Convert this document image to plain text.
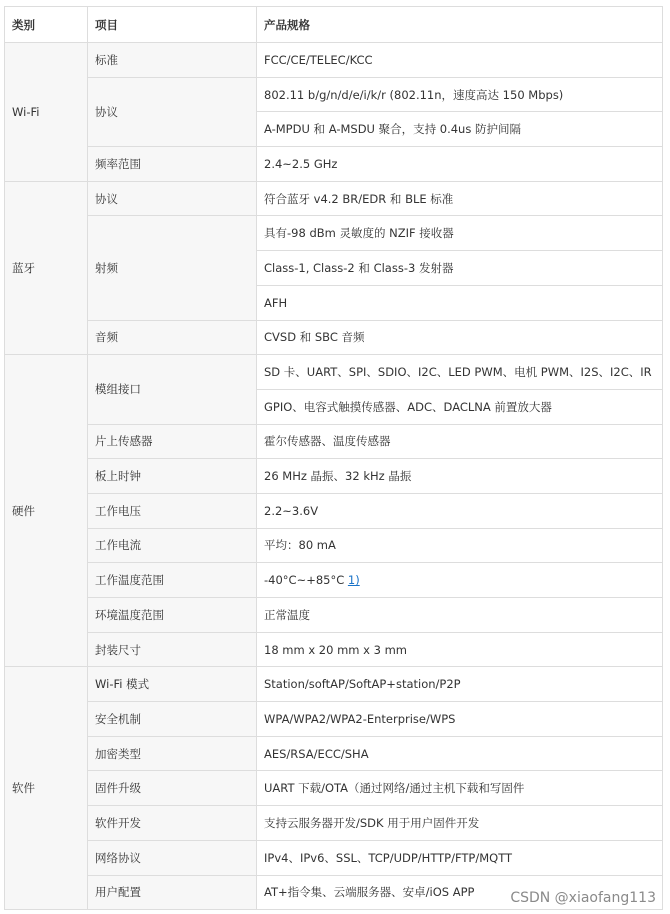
类别	项目	产品规格
Wi-Fi	标准	FCC/CE/TELEC/KCC
	协议	802.11 b/g/n/d/e/i/k/r (802.11n，速度高达 150 Mbps)
		A-MPDU 和 A-MSDU 聚合，支持 0.4us 防护间隔
	频率范围	2.4~2.5 GHz
蓝牙	协议	符合蓝牙 v4.2 BR/EDR 和 BLE 标准
	射频	具有-98 dBm 灵敏度的 NZIF 接收器
		Class-1, Class-2 和 Class-3 发射器
		AFH
	音频	CVSD 和 SBC 音频
硬件	模组接口	SD 卡、UART、SPI、SDIO、I2C、LED PWM、电机 PWM、I2S、I2C、IR
		GPIO、电容式触摸传感器、ADC、DACLNA 前置放大器
	片上传感器	霍尔传感器、温度传感器
	板上时钟	26 MHz 晶振、32 kHz 晶振
	工作电压	2.2~3.6V
	工作电流	平均：80 mA
	工作温度范围	-40°C~+85°C 1)
	环境温度范围	正常温度
	封装尺寸	18 mm x 20 mm x 3 mm
软件	Wi-Fi 模式	Station/softAP/SoftAP+station/P2P
	安全机制	WPA/WPA2/WPA2-Enterprise/WPS
	加密类型	AES/RSA/ECC/SHA
	固件升级	UART 下载/OTA（通过网络/通过主机下载和写固件
	软件开发	支持云服务器开发/SDK 用于用户固件开发
	网络协议	IPv4、IPv6、SSL、TCP/UDP/HTTP/FTP/MQTT
	用户配置	AT+指令集、云端服务器、安卓/iOS APP	CSDN @xiaofang113
